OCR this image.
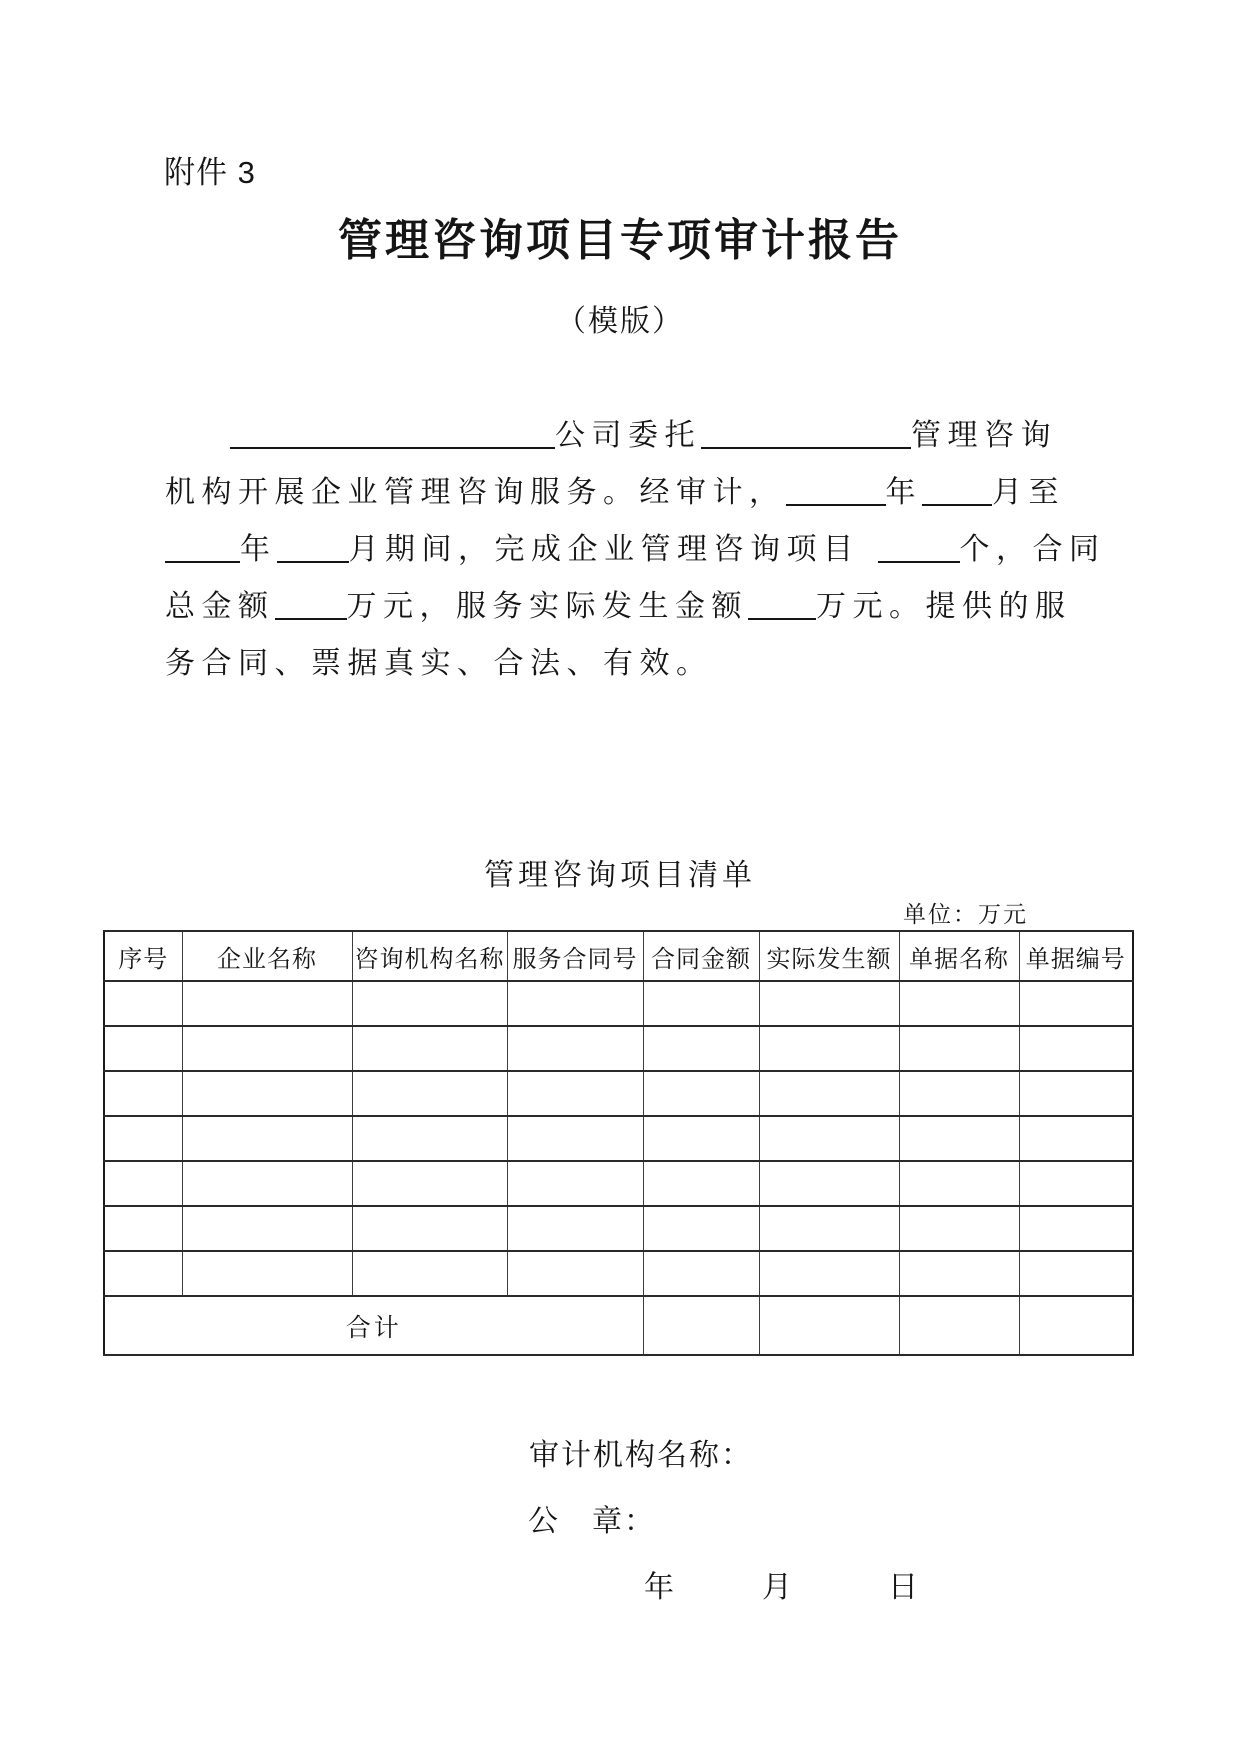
附件 3
管理咨询项目专项审计报告
（模版）
公司委托	管理咨询
机构开展企业管理咨询服务。经审计，	年 月至
年 月期间，完成企业管理咨询项目	个，合同
总金额 万元，服务实际发生金额 万元。提供的服
务合同、票据真实、合法、有效。
管理咨询项目清单
单位：万元
序号	企业名称	咨询机构名称	服务合同号	合同金额	实际发生额	单据名称	单据编号

合计							
审计机构名称：
公　章：
年	月	日
